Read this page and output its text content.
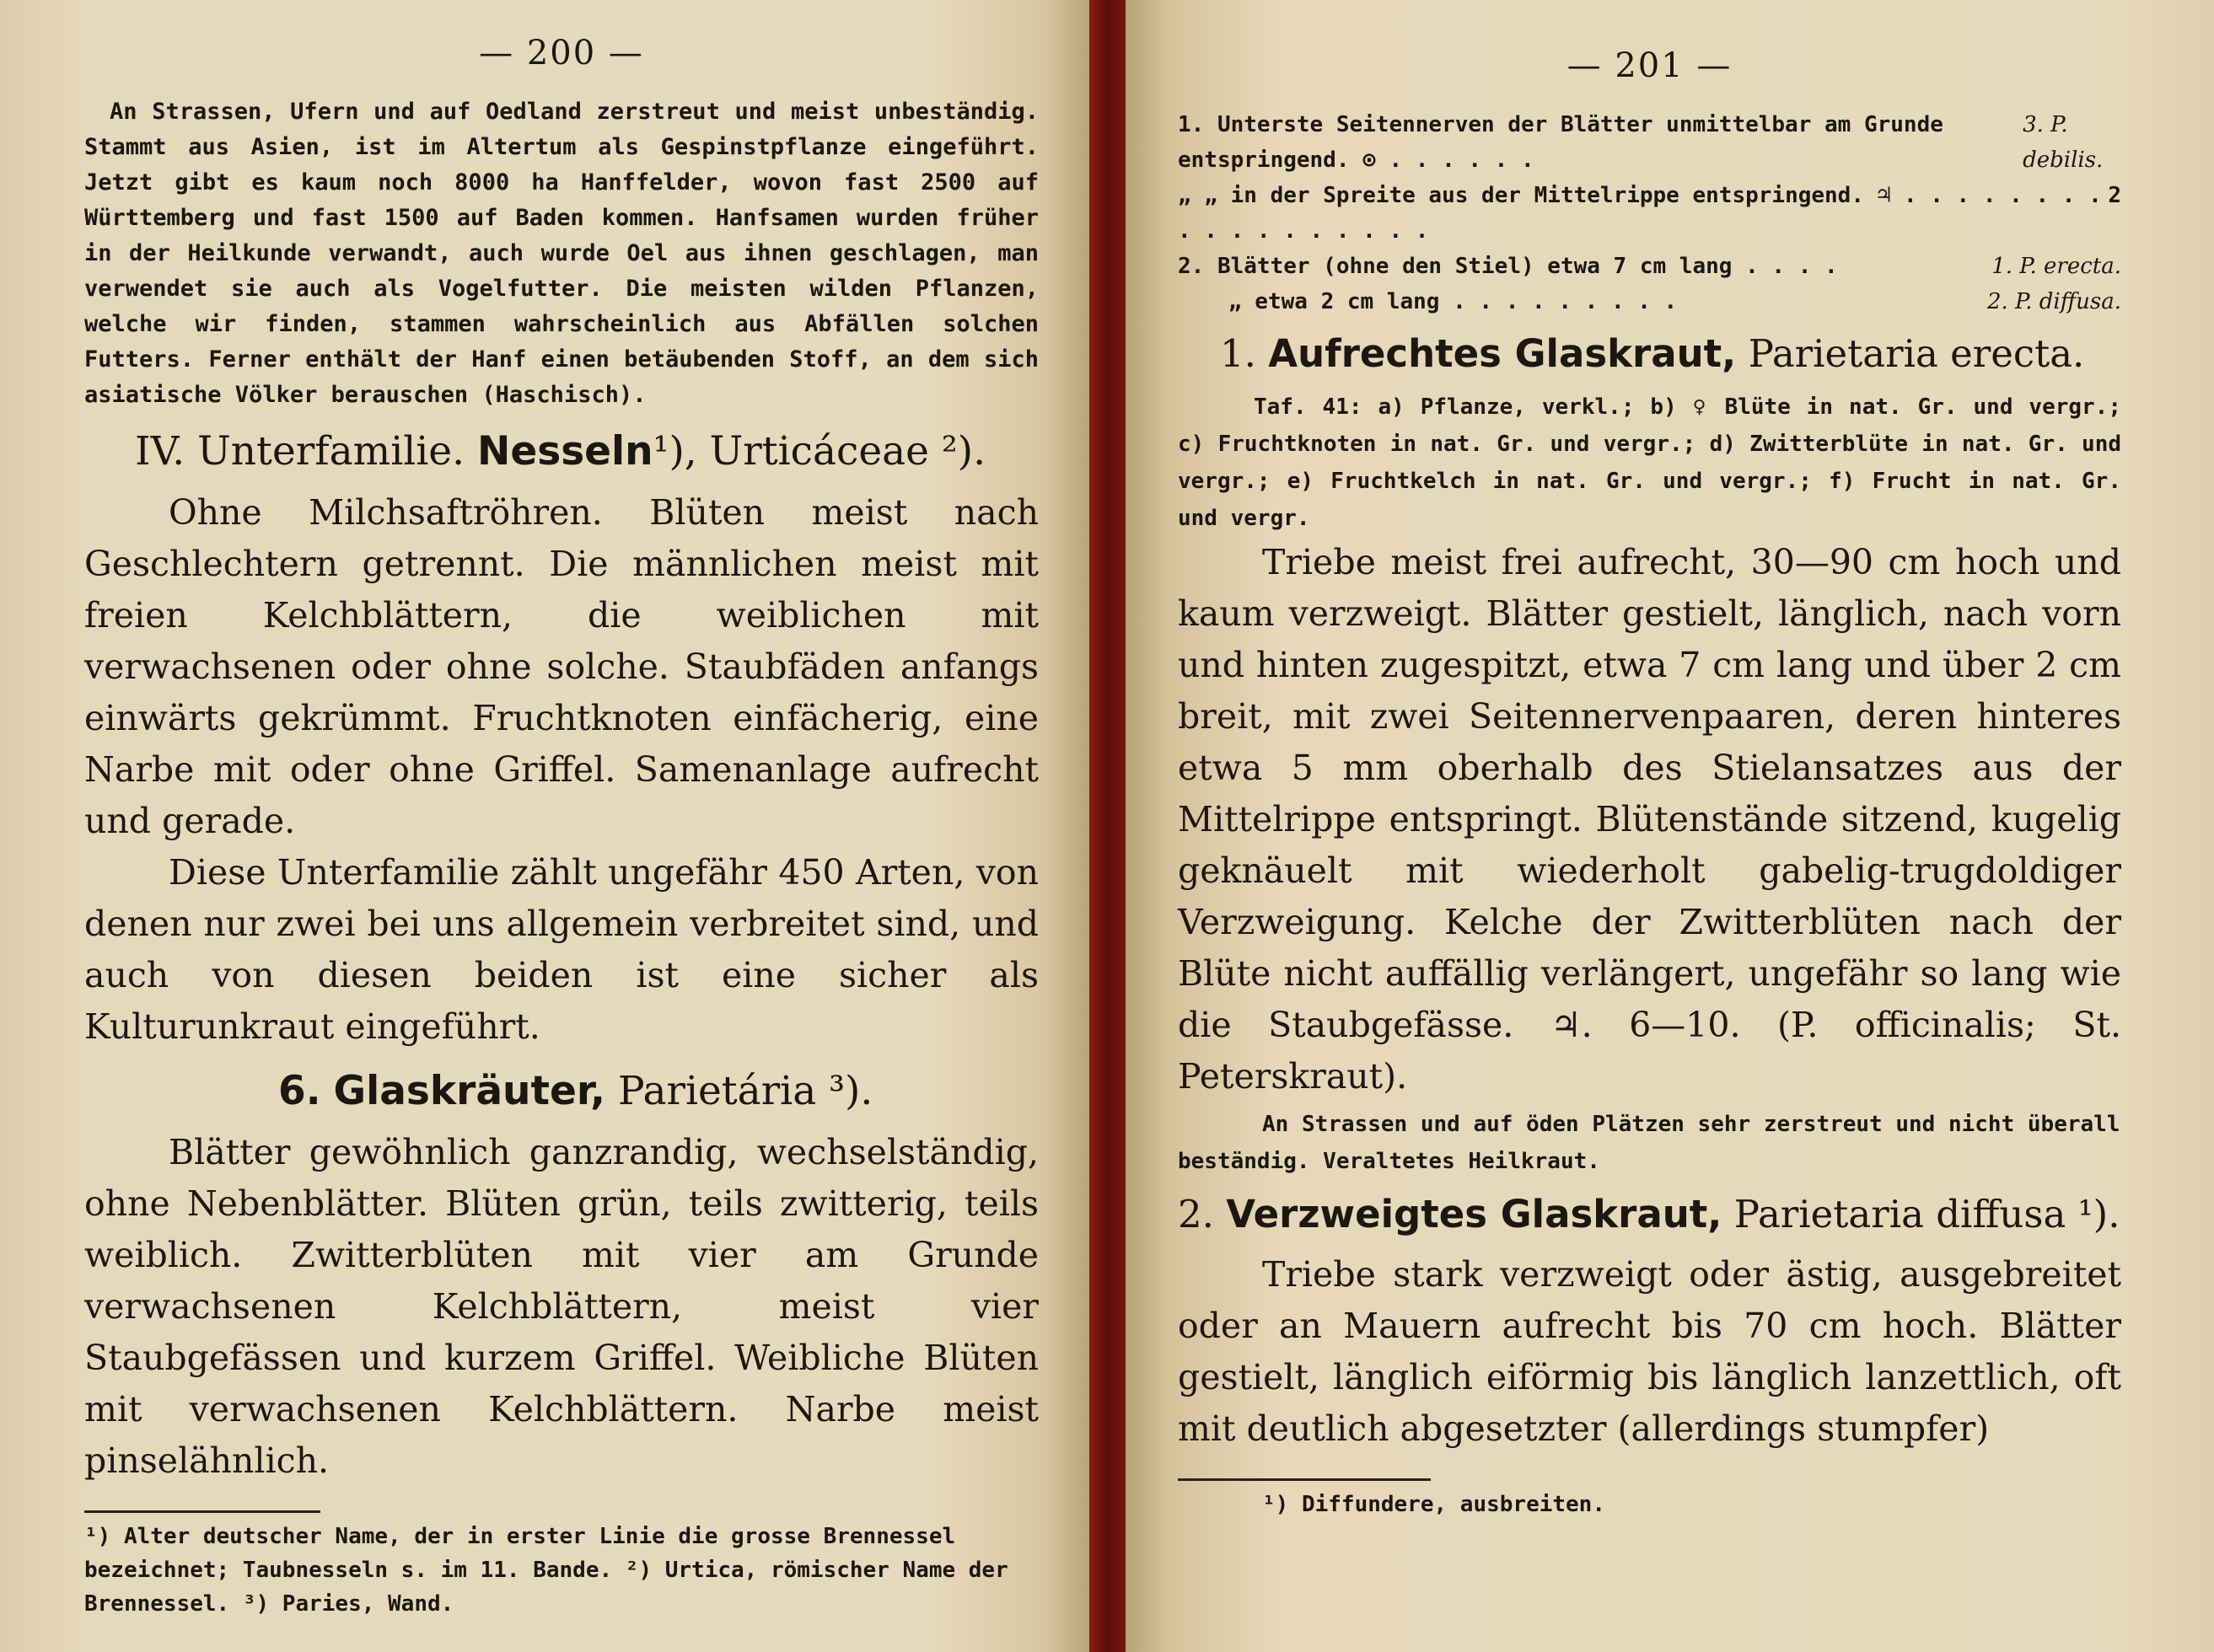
— 200 —

An Strassen, Ufern und auf Oedland zerstreut und meist unbeständig. Stammt aus Asien, ist im Altertum als Gespinstpflanze eingeführt. Jetzt gibt es kaum noch 8000 ha Hanffelder, wovon fast 2500 auf Württemberg und fast 1500 auf Baden kommen. Hanfsamen wurden früher in der Heilkunde verwandt, auch wurde Oel aus ihnen geschlagen, man verwendet sie auch als Vogelfutter. Die meisten wilden Pflanzen, welche wir finden, stammen wahrscheinlich aus Abfällen solchen Futters. Ferner enthält der Hanf einen betäubenden Stoff, an dem sich asiatische Völker berauschen (Haschisch).

IV. Unterfamilie. Nesseln¹), Urticáceae ²).

Ohne Milchsaftröhren. Blüten meist nach Geschlechtern getrennt. Die männlichen meist mit freien Kelchblättern, die weiblichen mit verwachsenen oder ohne solche. Staubfäden anfangs einwärts gekrümmt. Fruchtknoten einfächerig, eine Narbe mit oder ohne Griffel. Samenanlage aufrecht und gerade.

Diese Unterfamilie zählt ungefähr 450 Arten, von denen nur zwei bei uns allgemein verbreitet sind, und auch von diesen beiden ist eine sicher als Kulturunkraut eingeführt.

6. Glaskräuter, Parietária ³).

Blätter gewöhnlich ganzrandig, wechselständig, ohne Nebenblätter. Blüten grün, teils zwitterig, teils weiblich. Zwitterblüten mit vier am Grunde verwachsenen Kelchblättern, meist vier Staubgefässen und kurzem Griffel. Weibliche Blüten mit verwachsenen Kelchblättern. Narbe meist pinselähnlich.

¹) Alter deutscher Name, der in erster Linie die grosse Brennessel bezeichnet; Taubnesseln s. im 11. Bande. ²) Urtica, römischer Name der Brennessel. ³) Paries, Wand.
— 201 —
1. Unterste Seitennerven der Blätter unmittelbar am Grunde entspringend. ⊙ . . . . . .
3. P. debilis.
„ „ in der Spreite aus der Mittelrippe entspringend. ♃ . . . . . . . . . . . . . . . . . .
2
2. Blätter (ohne den Stiel) etwa 7 cm lang . . . .	1. P. erecta.
„ etwa 2 cm lang . . . . . . . . .	2. P. diffusa.
1. Aufrechtes Glaskraut, Parietaria erecta.
Taf. 41: a) Pflanze, verkl.; b) ♀ Blüte in nat. Gr. und vergr.; c) Fruchtknoten in nat. Gr. und vergr.; d) Zwitterblüte in nat. Gr. und vergr.; e) Fruchtkelch in nat. Gr. und vergr.; f) Frucht in nat. Gr. und vergr.

Triebe meist frei aufrecht, 30—90 cm hoch und kaum verzweigt. Blätter gestielt, länglich, nach vorn und hinten zugespitzt, etwa 7 cm lang und über 2 cm breit, mit zwei Seitennervenpaaren, deren hinteres etwa 5 mm oberhalb des Stielansatzes aus der Mittelrippe entspringt. Blütenstände sitzend, kugelig geknäuelt mit wiederholt gabelig-trugdoldiger Verzweigung. Kelche der Zwitterblüten nach der Blüte nicht auffällig verlängert, ungefähr so lang wie die Staubgefässe. ♃. 6—10. (P. officinalis; St. Peterskraut).

An Strassen und auf öden Plätzen sehr zerstreut und nicht überall beständig. Veraltetes Heilkraut.
2. Verzweigtes Glaskraut, Parietaria diffusa ¹).

Triebe stark verzweigt oder ästig, ausgebreitet oder an Mauern aufrecht bis 70 cm hoch. Blätter gestielt, länglich eiförmig bis länglich lanzettlich, oft mit deutlich abgesetzter (allerdings stumpfer)

¹) Diffundere, ausbreiten.
